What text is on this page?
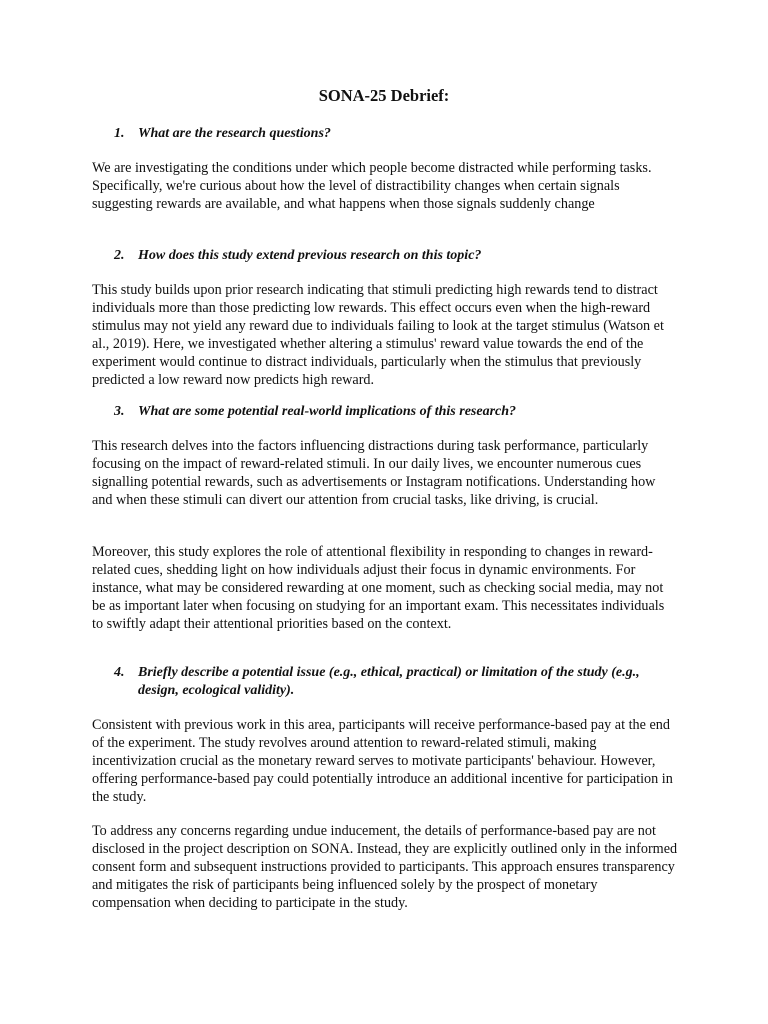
SONA-25 Debrief:
1. What are the research questions?

We are investigating the conditions under which people become distracted while performing tasks. Specifically, we're curious about how the level of distractibility changes when certain signals suggesting rewards are available, and what happens when those signals suddenly change

2. How does this study extend previous research on this topic?

This study builds upon prior research indicating that stimuli predicting high rewards tend to distract individuals more than those predicting low rewards. This effect occurs even when the high-reward stimulus may not yield any reward due to individuals failing to look at the target stimulus (Watson et al., 2019). Here, we investigated whether altering a stimulus' reward value towards the end of the experiment would continue to distract individuals, particularly when the stimulus that previously predicted a low reward now predicts high reward.

3. What are some potential real-world implications of this research?

This research delves into the factors influencing distractions during task performance, particularly focusing on the impact of reward-related stimuli. In our daily lives, we encounter numerous cues signalling potential rewards, such as advertisements or Instagram notifications. Understanding how and when these stimuli can divert our attention from crucial tasks, like driving, is crucial.

Moreover, this study explores the role of attentional flexibility in responding to changes in reward-related cues, shedding light on how individuals adjust their focus in dynamic environments. For instance, what may be considered rewarding at one moment, such as checking social media, may not be as important later when focusing on studying for an important exam. This necessitates individuals to swiftly adapt their attentional priorities based on the context.

4. Briefly describe a potential issue (e.g., ethical, practical) or limitation of the study (e.g., design, ecological validity).

Consistent with previous work in this area, participants will receive performance-based pay at the end of the experiment. The study revolves around attention to reward-related stimuli, making incentivization crucial as the monetary reward serves to motivate participants' behaviour. However, offering performance-based pay could potentially introduce an additional incentive for participation in the study.

To address any concerns regarding undue inducement, the details of performance-based pay are not disclosed in the project description on SONA. Instead, they are explicitly outlined only in the informed consent form and subsequent instructions provided to participants. This approach ensures transparency and mitigates the risk of participants being influenced solely by the prospect of monetary compensation when deciding to participate in the study.
